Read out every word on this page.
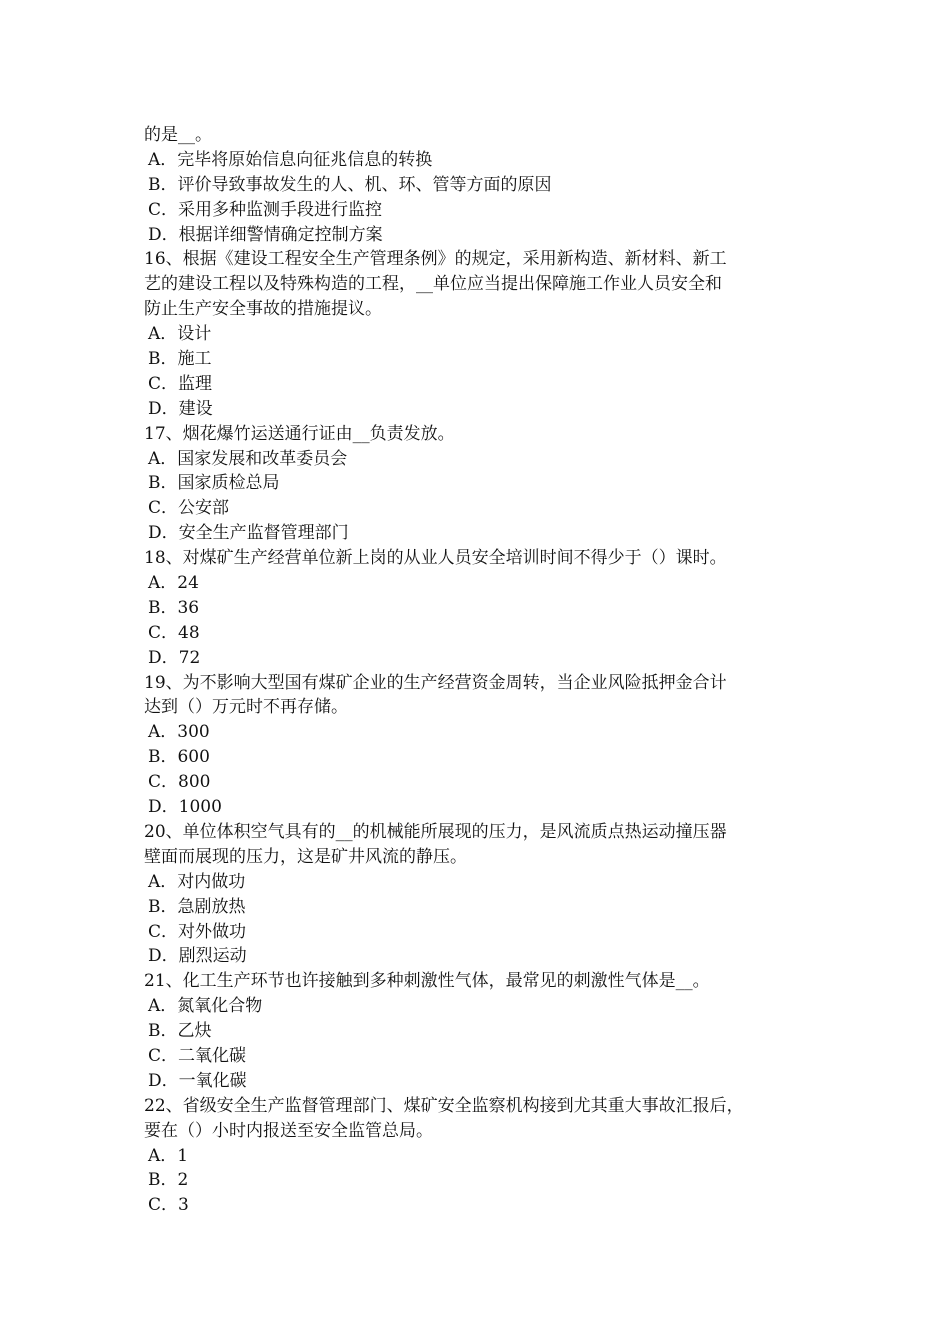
的是__。
A．完毕将原始信息向征兆信息的转换
B．评价导致事故发生的人、机、环、管等方面的原因
C．采用多种监测手段进行监控
D．根据详细警情确定控制方案
16、根据《建设工程安全生产管理条例》的规定，采用新构造、新材料、新工
艺的建设工程以及特殊构造的工程，__单位应当提出保障施工作业人员安全和
防止生产安全事故的措施提议。
A．设计
B．施工
C．监理
D．建设
17、烟花爆竹运送通行证由__负责发放。
A．国家发展和改革委员会
B．国家质检总局
C．公安部
D．安全生产监督管理部门
18、对煤矿生产经营单位新上岗的从业人员安全培训时间不得少于（）课时。
A．24
B．36
C．48
D．72
19、为不影响大型国有煤矿企业的生产经营资金周转，当企业风险抵押金合计
达到（）万元时不再存储。
A．300
B．600
C．800
D．1000
20、单位体积空气具有的__的机械能所展现的压力，是风流质点热运动撞压器
壁面而展现的压力，这是矿井风流的静压。
A．对内做功
B．急剧放热
C．对外做功
D．剧烈运动
21、化工生产环节也许接触到多种刺激性气体，最常见的刺激性气体是__。
A．氮氧化合物
B．乙炔
C．二氧化碳
D．一氧化碳
22、省级安全生产监督管理部门、煤矿安全监察机构接到尤其重大事故汇报后，
要在（）小时内报送至安全监管总局。
A．1
B．2
C．3
